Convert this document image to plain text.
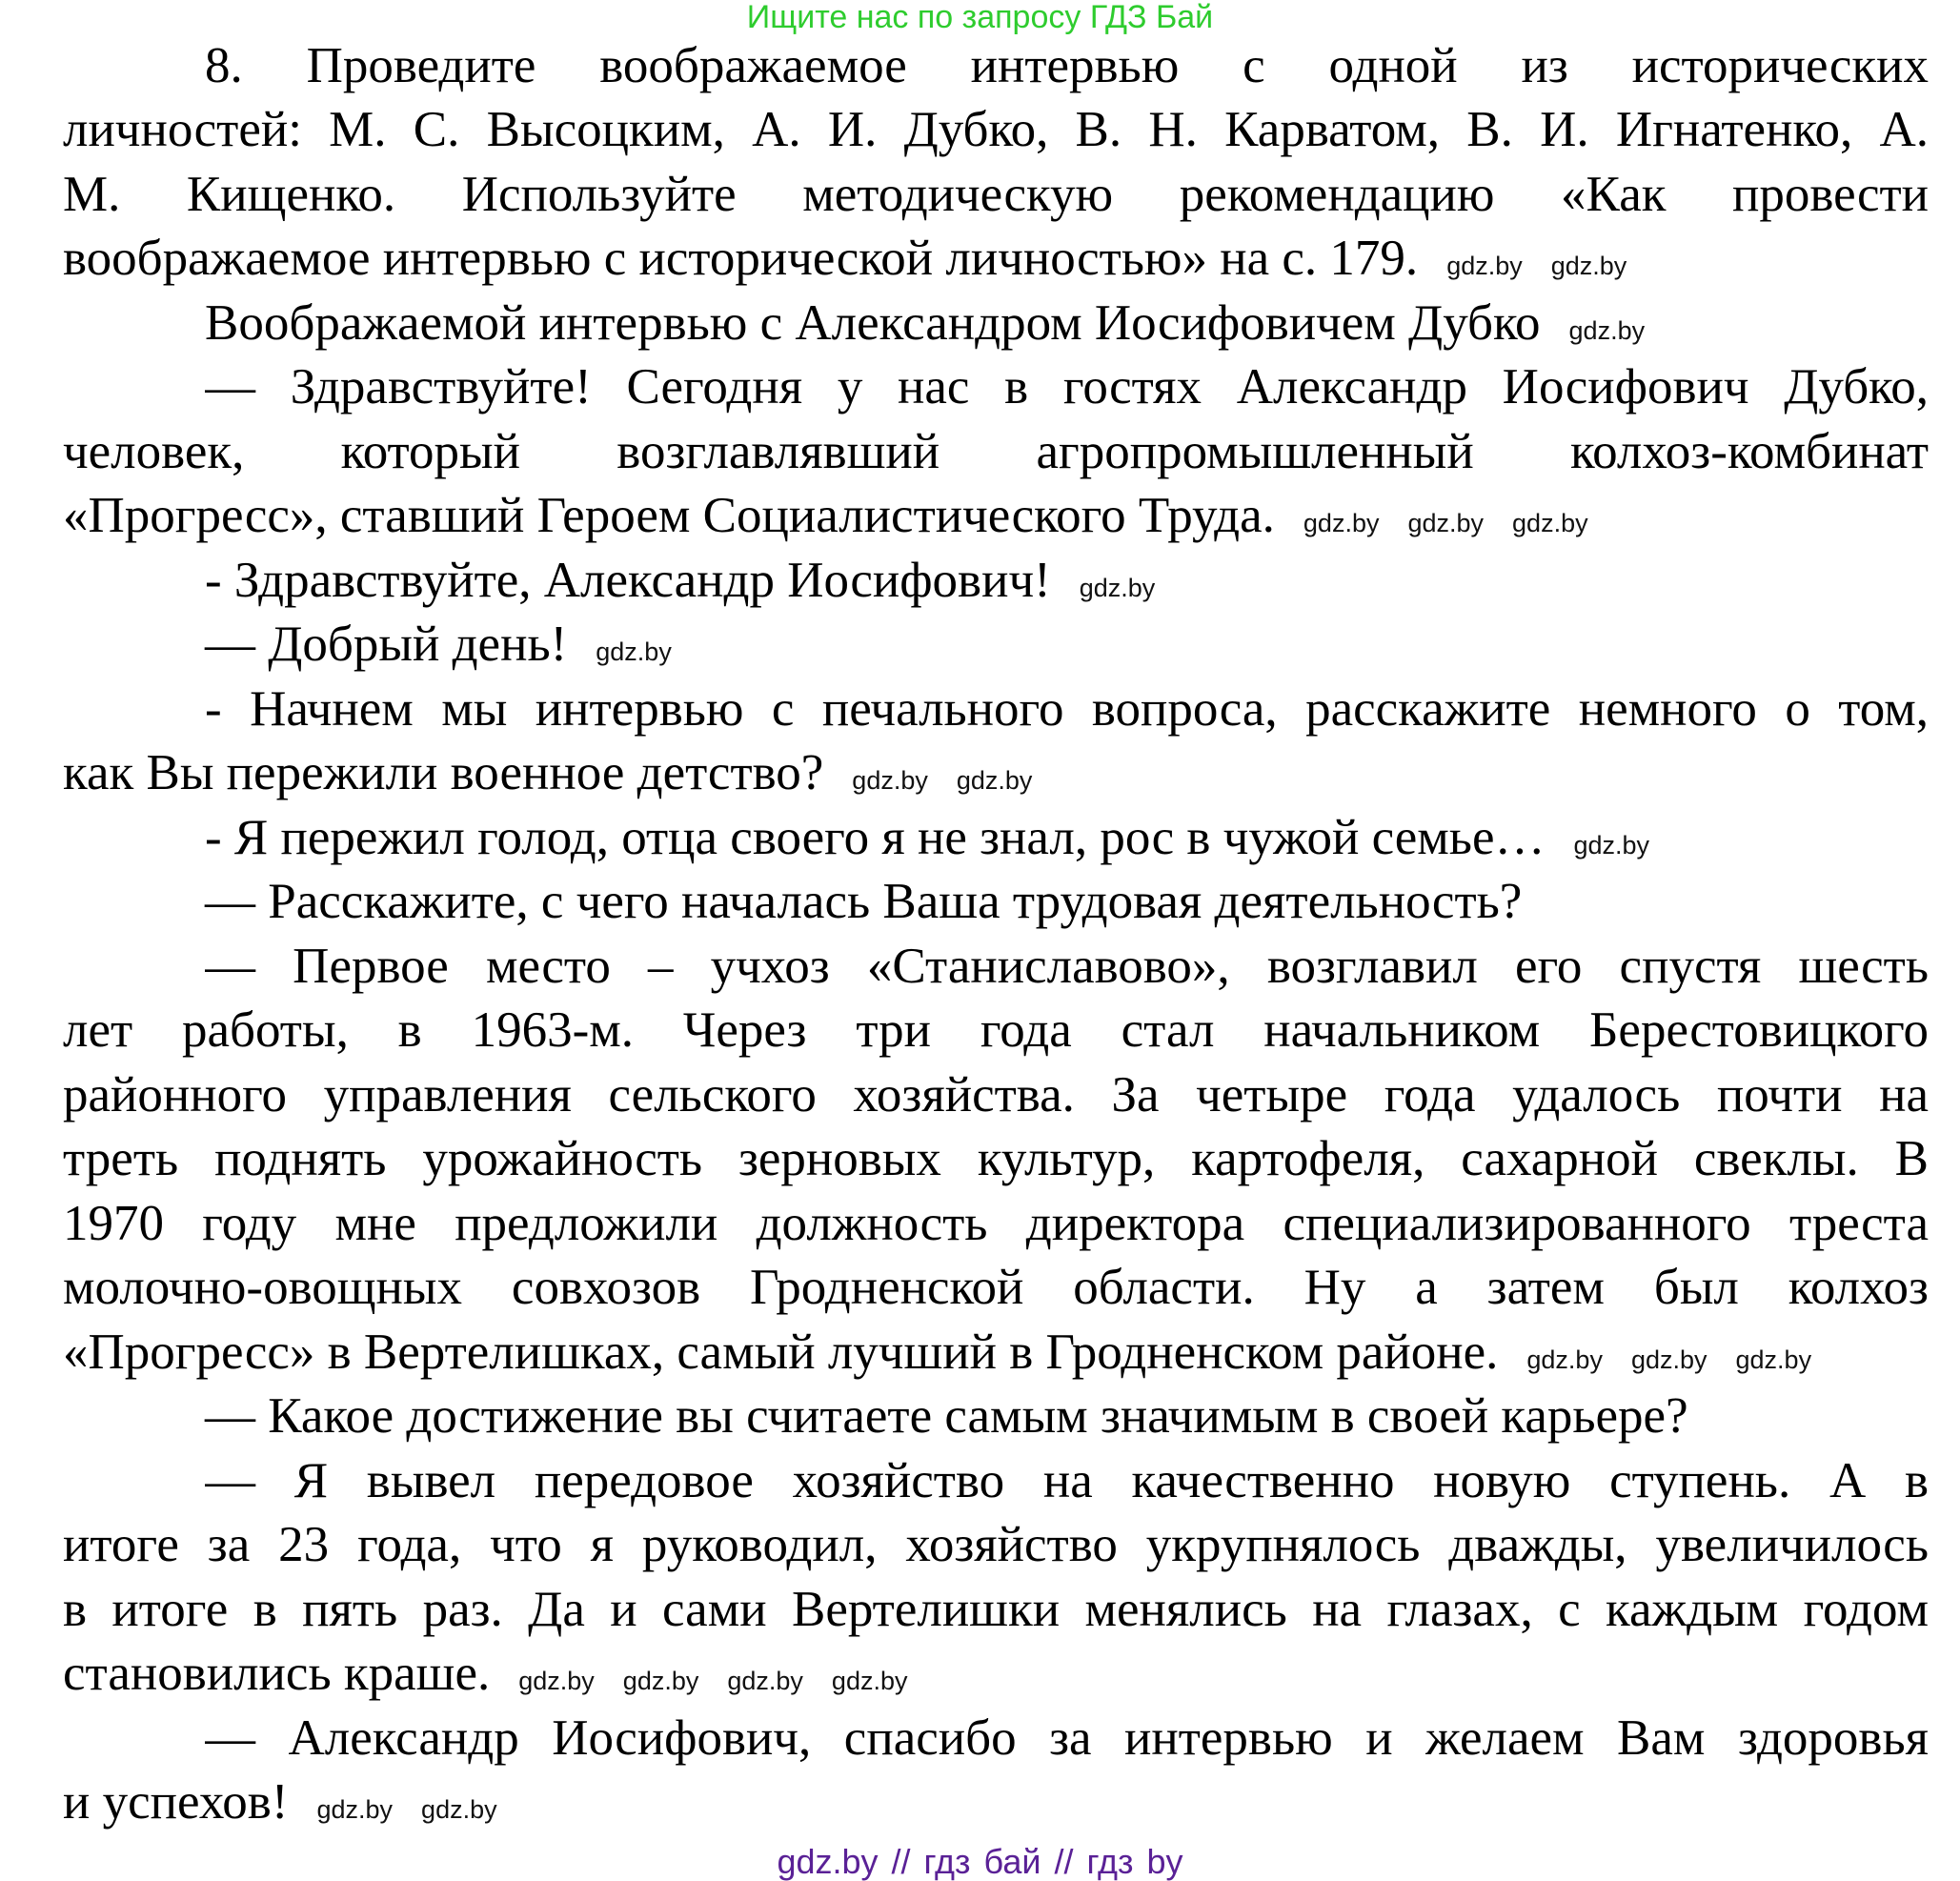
Ищите нас по запросу ГДЗ Бай
8. Проведите воображаемое интервью с одной из исторических
личностей: М. С. Высоцким, А. И. Дубко, В. Н. Карватом, В. И. Игнатенко, А.
М. Кищенко. Используйте методическую рекомендацию «Как провести
воображаемое интервью с исторической личностью» на с. 179. gdz.by gdz.by
Воображаемой интервью с Александром Иосифовичем Дубко gdz.by
— Здравствуйте! Сегодня у нас в гостях Александр Иосифович Дубко,
человек, который возглавлявший агропромышленный колхоз-комбинат
«Прогресс», ставший Героем Социалистического Труда. gdz.by gdz.by gdz.by
- Здравствуйте, Александр Иосифович! gdz.by
— Добрый день! gdz.by
- Начнем мы интервью с печального вопроса, расскажите немного о том,
как Вы пережили военное детство? gdz.by gdz.by
- Я пережил голод, отца своего я не знал, рос в чужой семье… gdz.by
— Расскажите, с чего началась Ваша трудовая деятельность?
— Первое место – учхоз «Станиславово», возглавил его спустя шесть
лет работы, в 1963-м. Через три года стал начальником Берестовицкого
районного управления сельского хозяйства. За четыре года удалось почти на
треть поднять урожайность зерновых культур, картофеля, сахарной свеклы. В
1970 году мне предложили должность директора специализированного треста
молочно-овощных совхозов Гродненской области. Ну а затем был колхоз
«Прогресс» в Вертелишках, самый лучший в Гродненском районе. gdz.by gdz.by gdz.by
— Какое достижение вы считаете самым значимым в своей карьере?
— Я вывел передовое хозяйство на качественно новую ступень. А в
итоге за 23 года, что я руководил, хозяйство укрупнялось дважды, увеличилось
в итоге в пять раз. Да и сами Вертелишки менялись на глазах, с каждым годом
становились краше. gdz.by gdz.by gdz.by gdz.by
— Александр Иосифович, спасибо за интервью и желаем Вам здоровья
и успехов! gdz.by gdz.by
gdz.by // гдз бай // гдз by
